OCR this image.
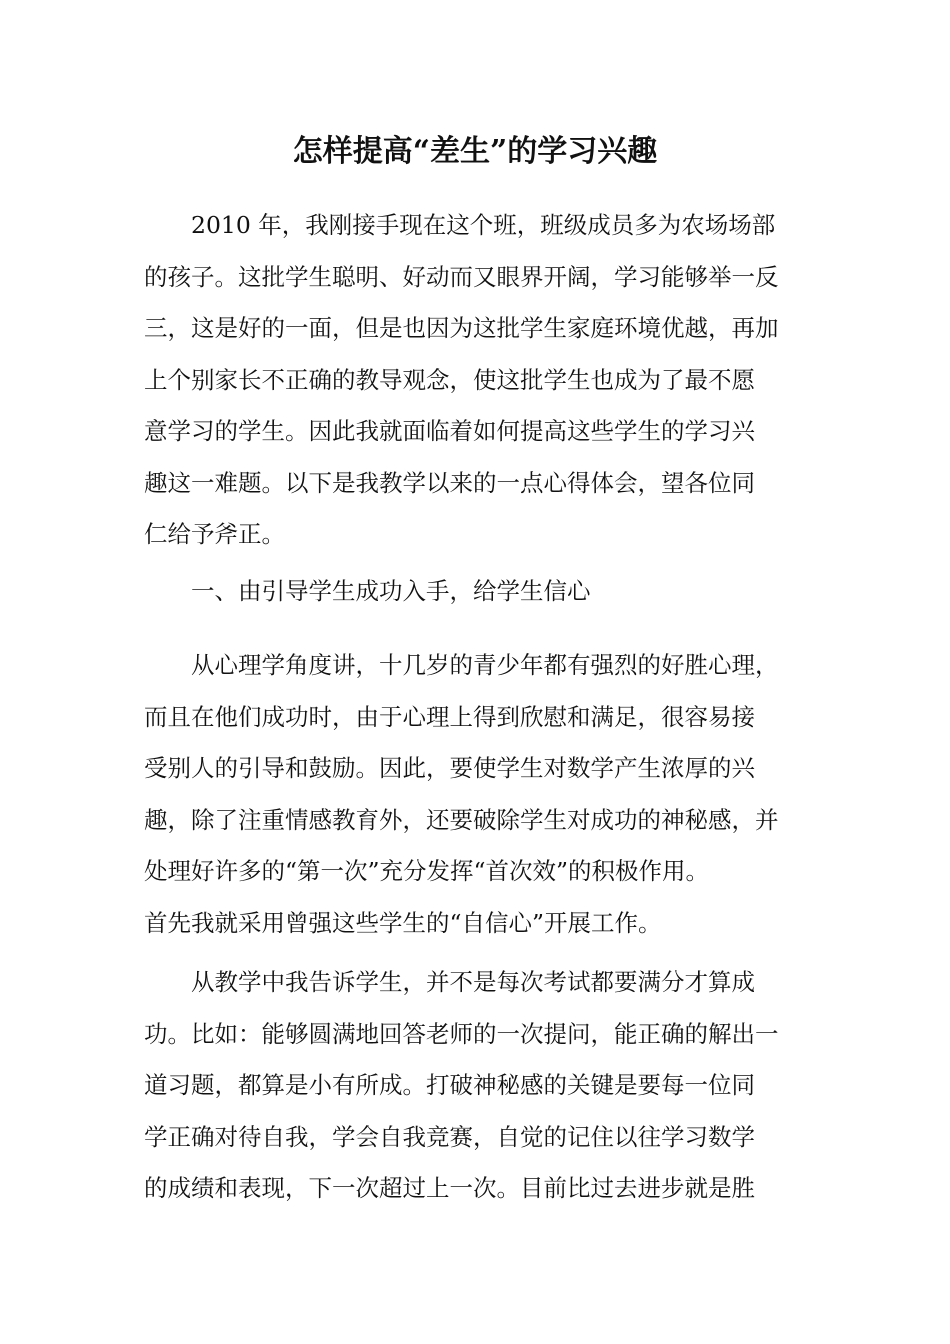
怎样提高“差生”的学习兴趣
2010 年，我刚接手现在这个班，班级成员多为农场场部
的孩子。这批学生聪明、好动而又眼界开阔，学习能够举一反
三，这是好的一面，但是也因为这批学生家庭环境优越，再加
上个别家长不正确的教导观念，使这批学生也成为了最不愿
意学习的学生。因此我就面临着如何提高这些学生的学习兴
趣这一难题。以下是我教学以来的一点心得体会，望各位同
仁给予斧正。
一、由引导学生成功入手，给学生信心
从心理学角度讲，十几岁的青少年都有强烈的好胜心理，
而且在他们成功时，由于心理上得到欣慰和满足，很容易接
受别人的引导和鼓励。因此，要使学生对数学产生浓厚的兴
趣，除了注重情感教育外，还要破除学生对成功的神秘感，并
处理好许多的“第一次”充分发挥“首次效”的积极作用。
首先我就采用曾强这些学生的“自信心”开展工作。
从教学中我告诉学生，并不是每次考试都要满分才算成
功。比如：能够圆满地回答老师的一次提问，能正确的解出一
道习题，都算是小有所成。打破神秘感的关键是要每一位同
学正确对待自我，学会自我竞赛，自觉的记住以往学习数学
的成绩和表现，下一次超过上一次。目前比过去进步就是胜
